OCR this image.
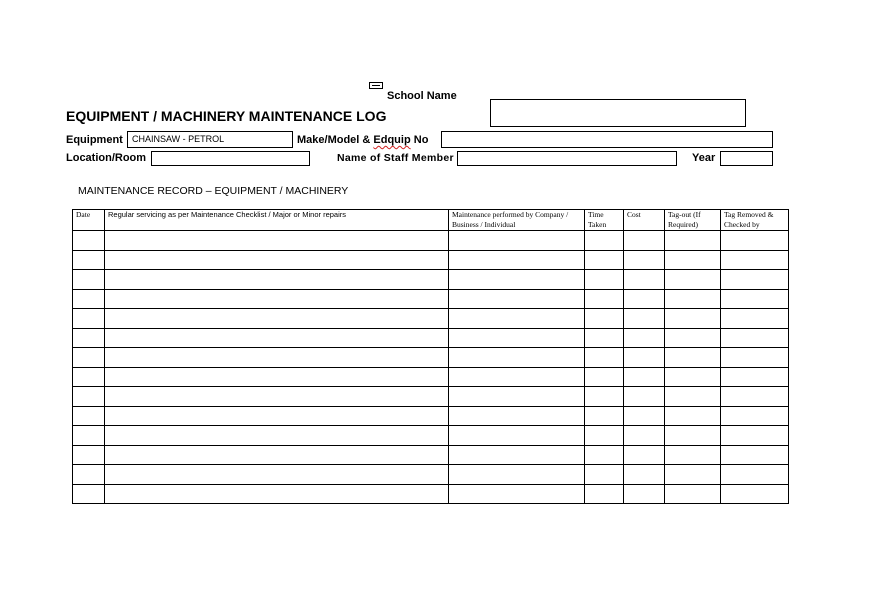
School Name
EQUIPMENT / MACHINERY MAINTENANCE LOG
Equipment	CHAINSAW - PETROL	Make/Model & Edquip No
Location/Room	Name of Staff Member	Year
MAINTENANCE RECORD – EQUIPMENT / MACHINERY
Date	Regular servicing as per Maintenance Checklist / Major or Minor repairs	Maintenance performed by Company / Business / Individual	Time Taken	Cost	Tag-out (If Required)	Tag Removed & Checked by
